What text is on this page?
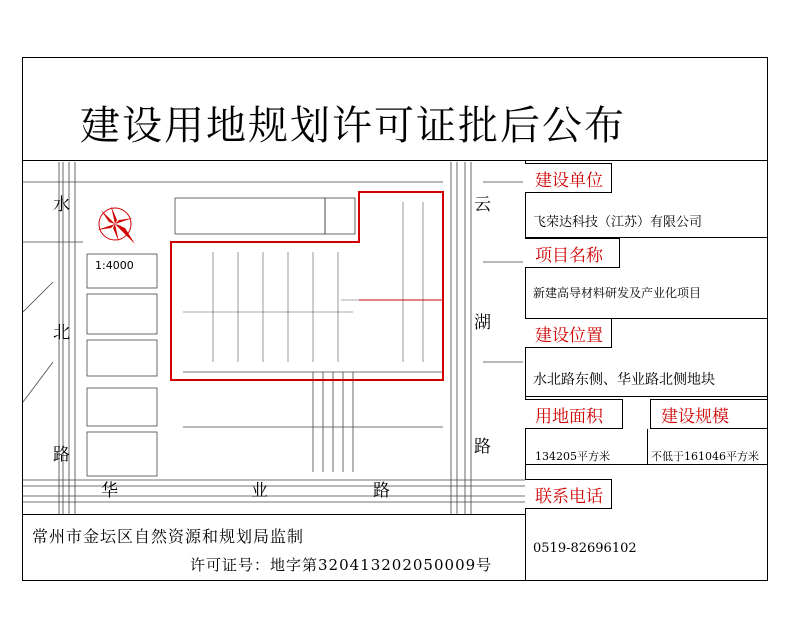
建设用地规划许可证批后公布
1:4000
水
北
路
云
湖
路
华	业	路
建设单位
飞荣达科技（江苏）有限公司
项目名称
新建高导材料研发及产业化项目
建设位置
水北路东侧、华业路北侧地块
用地面积	建设规模
134205平方米	不低于161046平方米
联系电话
0519-82696102
常州市金坛区自然资源和规划局监制
许可证号：地字第320413202050009号
